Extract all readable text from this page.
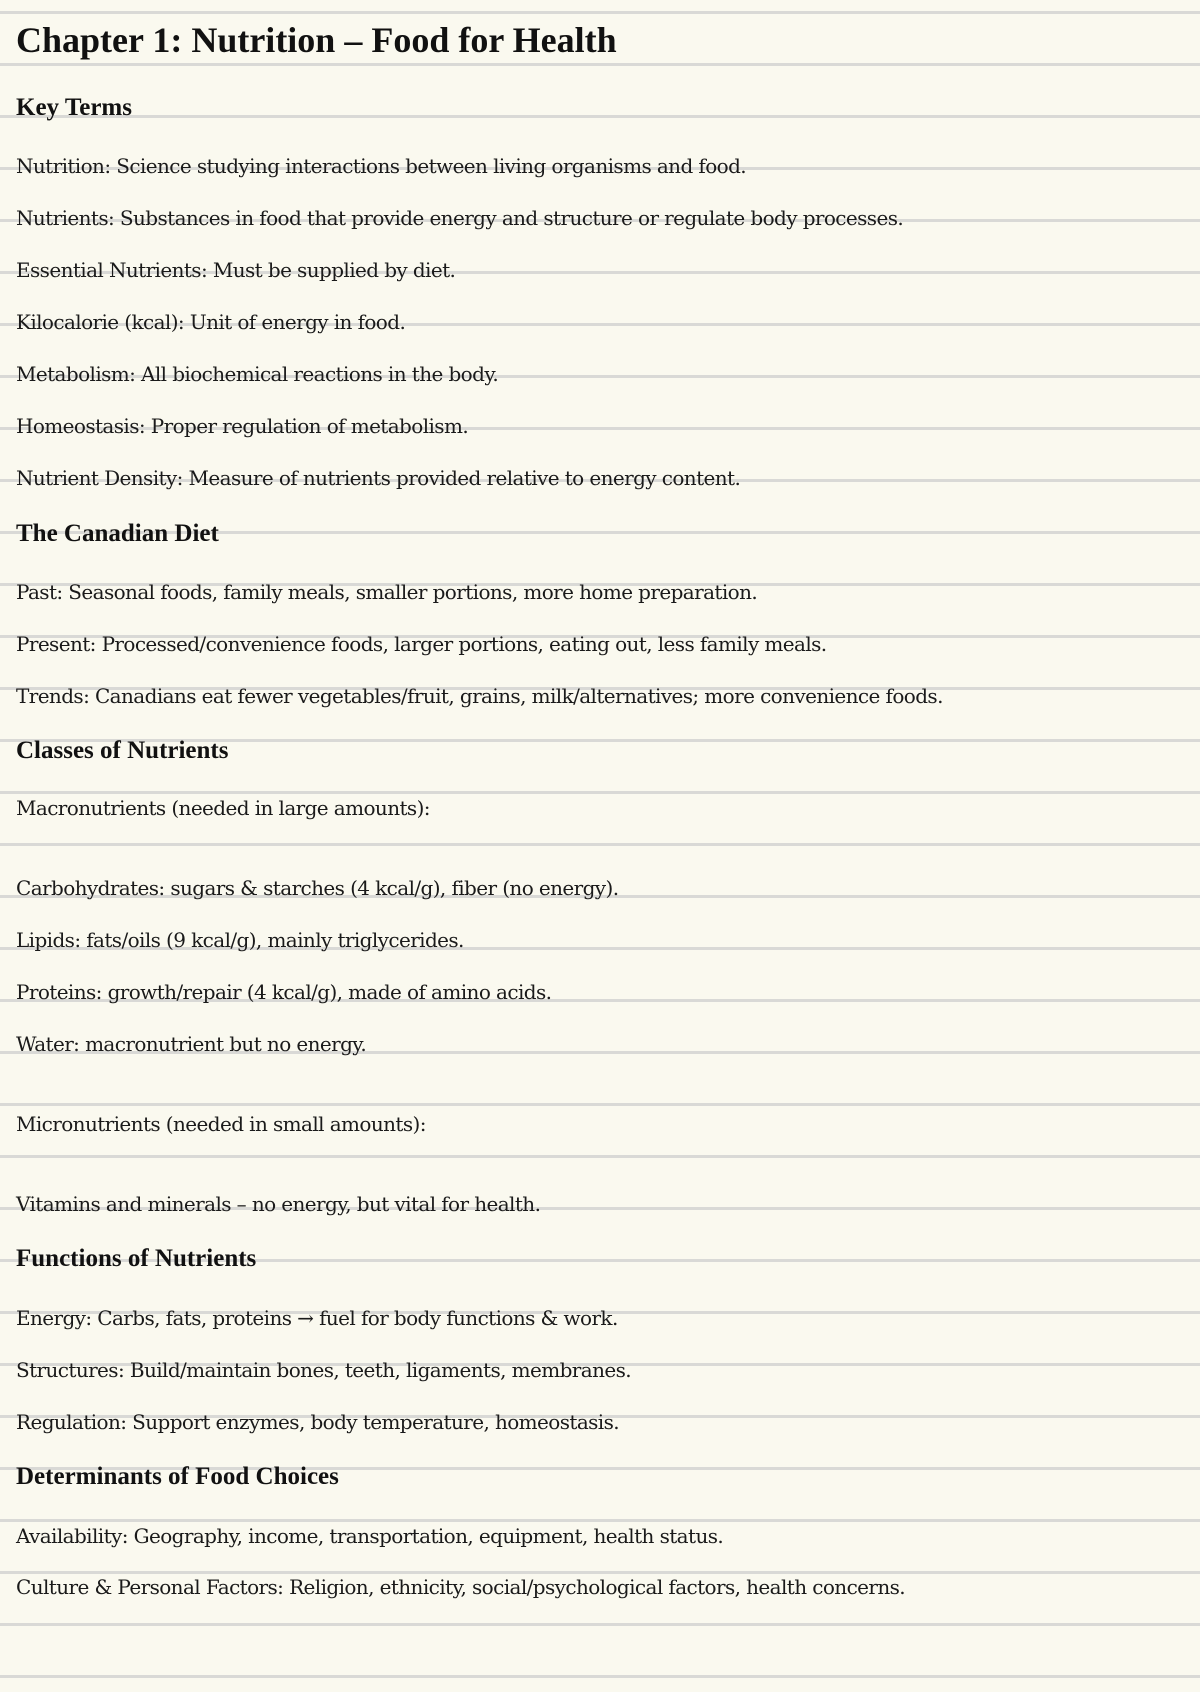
Chapter 1: Nutrition – Food for Health
Key Terms
Nutrition: Science studying interactions between living organisms and food.
Nutrients: Substances in food that provide energy and structure or regulate body processes.
Essential Nutrients: Must be supplied by diet.
Kilocalorie (kcal): Unit of energy in food.
Metabolism: All biochemical reactions in the body.
Homeostasis: Proper regulation of metabolism.
Nutrient Density: Measure of nutrients provided relative to energy content.
The Canadian Diet
Past: Seasonal foods, family meals, smaller portions, more home preparation.
Present: Processed/convenience foods, larger portions, eating out, less family meals.
Trends: Canadians eat fewer vegetables/fruit, grains, milk/alternatives; more convenience foods.
Classes of Nutrients
Macronutrients (needed in large amounts):
Carbohydrates: sugars & starches (4 kcal/g), fiber (no energy).
Lipids: fats/oils (9 kcal/g), mainly triglycerides.
Proteins: growth/repair (4 kcal/g), made of amino acids.
Water: macronutrient but no energy.
Micronutrients (needed in small amounts):
Vitamins and minerals – no energy, but vital for health.
Functions of Nutrients
Energy: Carbs, fats, proteins → fuel for body functions & work.
Structures: Build/maintain bones, teeth, ligaments, membranes.
Regulation: Support enzymes, body temperature, homeostasis.
Determinants of Food Choices
Availability: Geography, income, transportation, equipment, health status.
Culture & Personal Factors: Religion, ethnicity, social/psychological factors, health concerns.
